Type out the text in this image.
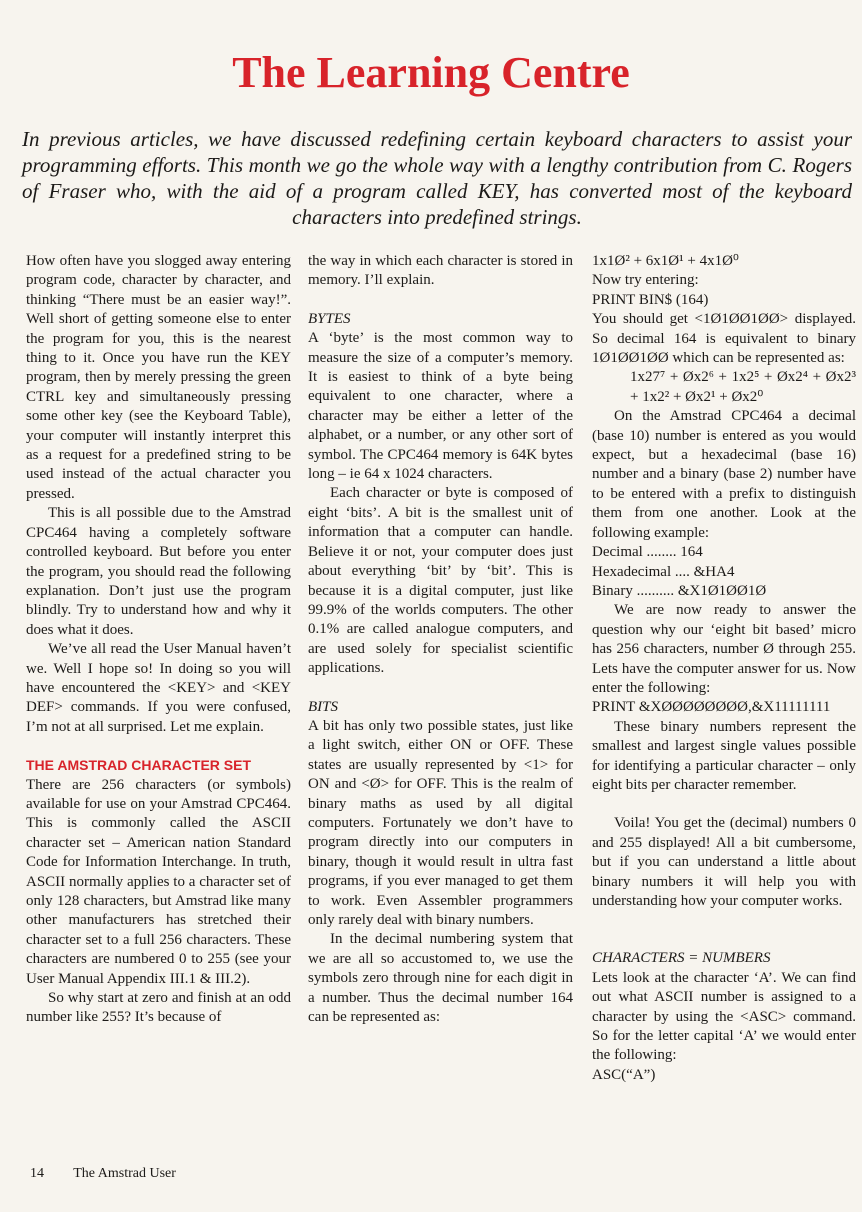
The Learning Centre

In previous articles, we have discussed redefining certain keyboard characters to assist your programming efforts. This month we go the whole way with a lengthy contribution from C. Rogers of Fraser who, with the aid of a program called KEY, has converted most of the keyboard characters into predefined strings.

How often have you slogged away entering program code, character by character, and thinking “There must be an easier way!”. Well short of getting someone else to enter the program for you, this is the nearest thing to it. Once you have run the KEY program, then by merely pressing the green CTRL key and simultaneously pressing some other key (see the Keyboard Table), your computer will instantly interpret this as a request for a predefined string to be used instead of the actual character you pressed.

This is all possible due to the Amstrad CPC464 having a completely software controlled keyboard. But before you enter the program, you should read the following explanation. Don’t just use the program blindly. Try to understand how and why it does what it does.

We’ve all read the User Manual haven’t we. Well I hope so! In doing so you will have encountered the <KEY> and <KEY DEF> commands. If you were confused, I’m not at all surprised. Let me explain.

THE AMSTRAD CHARACTER SET

There are 256 characters (or symbols) available for use on your Amstrad CPC464. This is commonly called the ASCII character set – American nation Standard Code for Information Interchange. In truth, ASCII normally applies to a character set of only 128 characters, but Amstrad like many other manufacturers has stretched their character set to a full 256 characters. These characters are numbered 0 to 255 (see your User Manual Appendix III.1 & III.2).

So why start at zero and finish at an odd number like 255? It’s because of

the way in which each character is stored in memory. I’ll explain.

BYTES

A ‘byte’ is the most common way to measure the size of a computer’s memory. It is easiest to think of a byte being equivalent to one character, where a character may be either a letter of the alphabet, or a number, or any other sort of symbol. The CPC464 memory is 64K bytes long – ie 64 x 1024 characters.

Each character or byte is composed of eight ‘bits’. A bit is the smallest unit of information that a computer can handle. Believe it or not, your computer does just about everything ‘bit’ by ‘bit’. This is because it is a digital computer, just like 99.9% of the worlds computers. The other 0.1% are called analogue computers, and are used solely for specialist scientific applications.

BITS

A bit has only two possible states, just like a light switch, either ON or OFF. These states are usually represented by <1> for ON and <Ø> for OFF. This is the realm of binary maths as used by all digital computers. Fortunately we don’t have to program directly into our computers in binary, though it would result in ultra fast programs, if you ever managed to get them to work. Even Assembler programmers only rarely deal with binary numbers.

In the decimal numbering system that we are all so accustomed to, we use the symbols zero through nine for each digit in a number. Thus the decimal number 164 can be represented as:

1x1Ø² + 6x1Ø¹ + 4x1Ø⁰

Now try entering:

PRINT BIN$ (164)

You should get <1Ø1ØØ1ØØ> displayed. So decimal 164 is equivalent to binary 1Ø1ØØ1ØØ which can be represented as:

1x27⁷ + Øx2⁶ + 1x2⁵ + Øx2⁴ + Øx2³ + 1x2² + Øx2¹ + Øx2⁰

On the Amstrad CPC464 a decimal (base 10) number is entered as you would expect, but a hexadecimal (base 16) number and a binary (base 2) number have to be entered with a prefix to distinguish them from one another. Look at the following example:

Decimal ........ 164

Hexadecimal .... &HA4

Binary .......... &X1Ø1ØØ1Ø

We are now ready to answer the question why our ‘eight bit based’ micro has 256 characters, number Ø through 255. Lets have the computer answer for us. Now enter the following:

PRINT &XØØØØØØØØ,&X11111111

These binary numbers represent the smallest and largest single values possible for identifying a particular character – only eight bits per character remember.

Voila! You get the (decimal) numbers 0 and 255 displayed! All a bit cumbersome, but if you can understand a little about binary numbers it will help you with understanding how your computer works.

CHARACTERS = NUMBERS

Lets look at the character ‘A’. We can find out what ASCII number is assigned to a character by using the <ASC> command. So for the letter capital ‘A’ we would enter the following:

ASC(“A”)

14 The Amstrad User
